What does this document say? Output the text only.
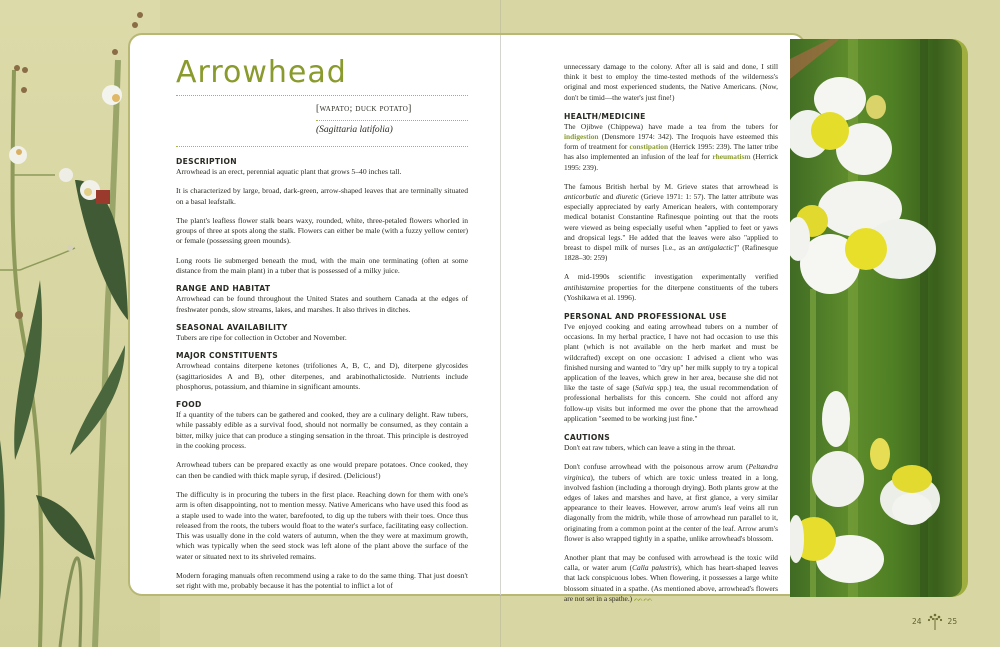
Arrowhead
[wapato; duck potato]
(Sagittaria latifolia)
DESCRIPTION

Arrowhead is an erect, perennial aquatic plant that grows 5–40 inches tall.

It is characterized by large, broad, dark-green, arrow-shaped leaves that are terminally situated on a basal leafstalk.

The plant's leafless flower stalk bears waxy, rounded, white, three-petaled flowers whorled in groups of three at spots along the stalk. Flowers can either be male (with a fuzzy yellow center) or female (possessing green mounds).

Long roots lie submerged beneath the mud, with the main one terminating (often at some distance from the main plant) in a tuber that is possessed of a milky juice.

RANGE AND HABITAT

Arrowhead can be found throughout the United States and southern Canada at the edges of freshwater ponds, slow streams, lakes, and marshes. It also thrives in ditches.

SEASONAL AVAILABILITY

Tubers are ripe for collection in October and November.

MAJOR CONSTITUENTS

Arrowhead contains diterpene ketones (trifoliones A, B, C, and D), diterpene glycosides (sagittariosides A and B), other diterpenes, and arabinothalictoside. Nutrients include phosphorus, potassium, and thiamine in significant amounts.

FOOD

If a quantity of the tubers can be gathered and cooked, they are a culinary delight. Raw tubers, while passably edible as a survival food, should not normally be consumed, as they contain a bitter, milky juice that can produce a stinging sensation in the throat. This principle is destroyed in the cooking process.

Arrowhead tubers can be prepared exactly as one would prepare potatoes. Once cooked, they can then be candied with thick maple syrup, if desired. (Delicious!)

The difficulty is in procuring the tubers in the first place. Reaching down for them with one's arm is often disappointing, not to mention messy. Native Americans who have used this food as a staple used to wade into the water, barefooted, to dig up the tubers with their toes. Once thus released from the roots, the tubers would float to the water's surface, facilitating easy collection. This was usually done in the cold waters of autumn, when the they were at maximum growth, which was typically when the seed stock was left alone of the plant above the surface of the water or situated next to its shriveled remains.

Modern foraging manuals often recommend using a rake to do the same thing. That just doesn't set right with me, probably because it has the potential to inflict a lot of

unnecessary damage to the colony. After all is said and done, I still think it best to employ the time-tested methods of the wilderness's original and most experienced students, the Native Americans. (Now, don't be timid—the water's just fine!)

HEALTH/MEDICINE

The Ojibwe (Chippewa) have made a tea from the tubers for indigestion (Densmore 1974: 342). The Iroquois have esteemed this form of treatment for constipation (Herrick 1995: 239). The latter tribe has also implemented an infusion of the leaf for rheumatism (Herrick 1995: 239).

The famous British herbal by M. Grieve states that arrowhead is anticorbutic and diuretic (Grieve 1971: 1: 57). The latter attribute was especially appreciated by early American healers, with contemporary medical botanist Constantine Rafinesque pointing out that the roots were viewed as being especially useful when "applied to feet or yaws and dropsical legs." He added that the leaves were also "applied to breast to dispel milk of nurses [i.e., as an antigalactic]" (Rafinesque 1828–30: 259)

A mid-1990s scientific investigation experimentally verified antihistamine properties for the diterpene constituents of the tubers (Yoshikawa et al. 1996).

PERSONAL AND PROFESSIONAL USE

I've enjoyed cooking and eating arrowhead tubers on a number of occasions. In my herbal practice, I have not had occasion to use this plant (which is not available on the herb market and must be wildcrafted) except on one occasion: I advised a client who was finished nursing and wanted to "dry up" her milk supply to try a topical application of the leaves, which grew in her area, because she did not like the taste of sage (Salvia spp.) tea, the usual recommendation of professional herbalists for this concern. She could not afford any follow-up visits but informed me over the phone that the arrowhead application "seemed to be working just fine."

CAUTIONS

Don't eat raw tubers, which can leave a sting in the throat.

Don't confuse arrowhead with the poisonous arrow arum (Peltandra virginica), the tubers of which are toxic unless treated in a long, involved fashion (including a thorough drying). Both plants grow at the edges of lakes and marshes and have, at first glance, a very similar appearance to their leaves. However, arrow arum's leaf veins all run diagonally from the midrib, while those of arrowhead run parallel to it, originating from a common point at the center of the leaf. Arrow arum's flower is also wrapped tightly in a spathe, unlike arrowhead's blossom.

Another plant that may be confused with arrowhead is the toxic wild calla, or water arum (Calla palustris), which has heart-shaped leaves that lack conspicuous lobes. When flowering, it possesses a large white blossom situated in a spathe. (As mentioned above, arrowhead's flowers are not set in a spathe.) ᨓᨓ

24	25
